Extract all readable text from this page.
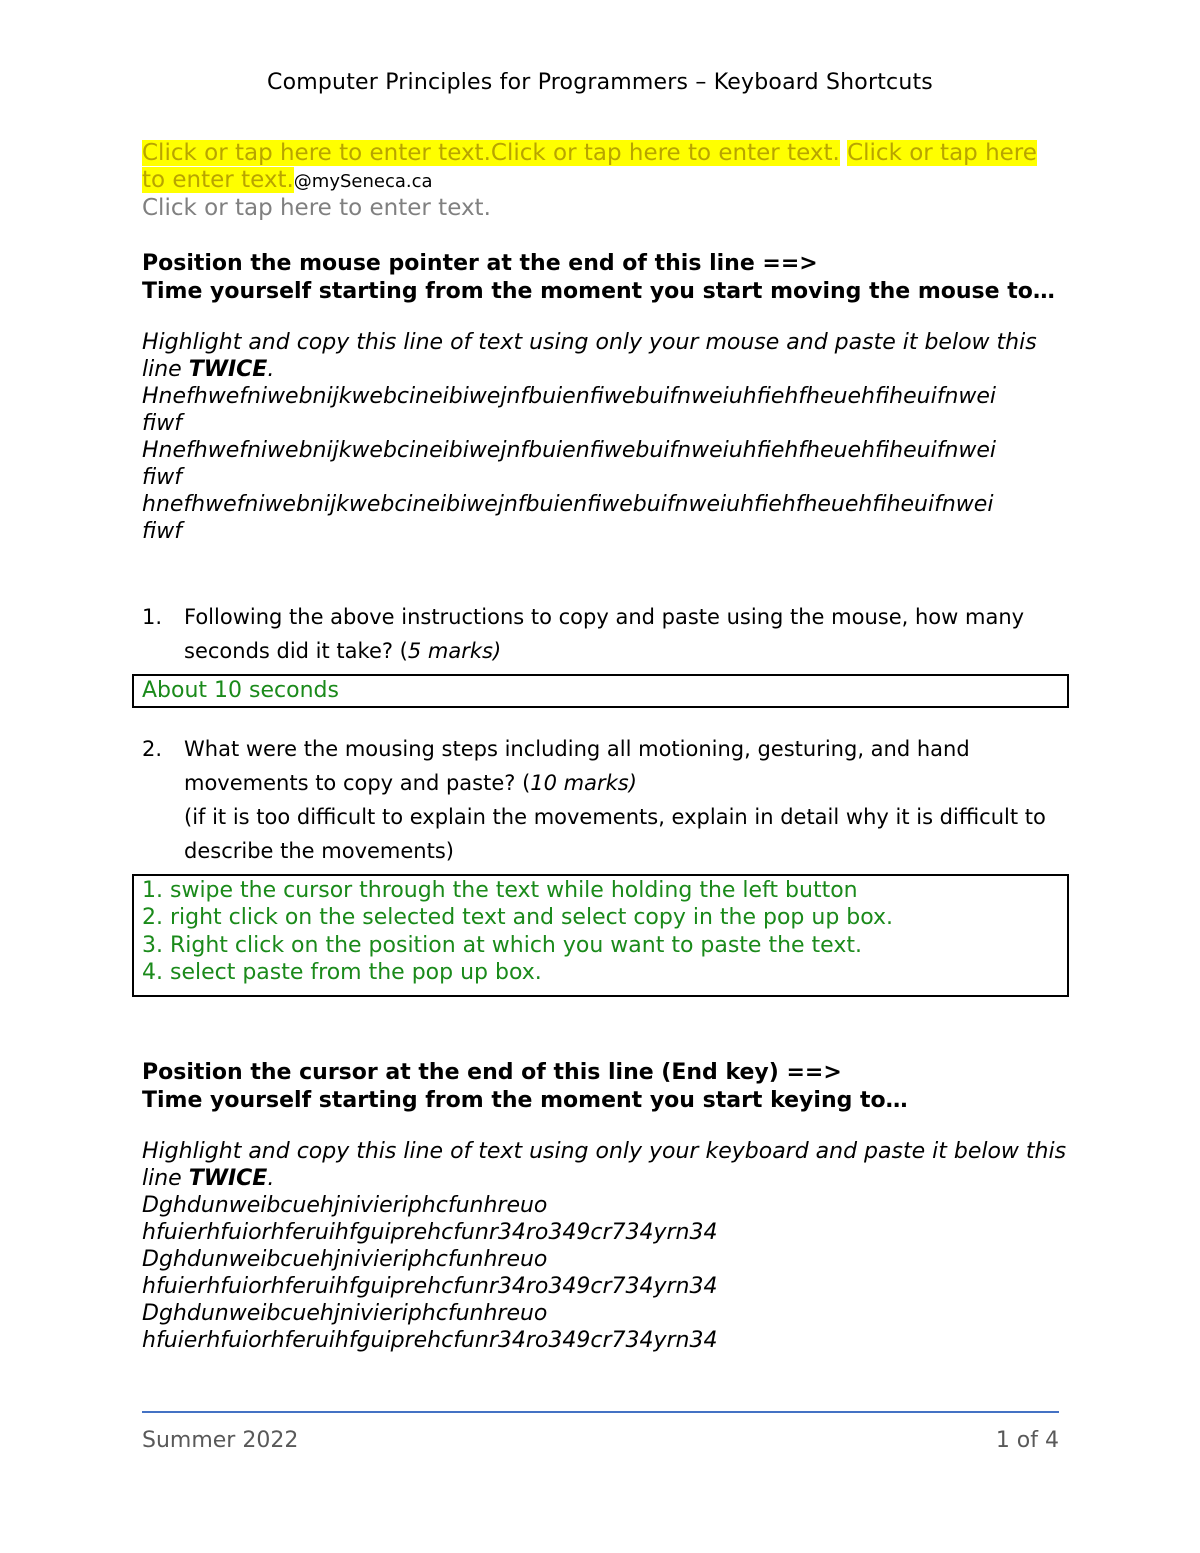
Computer Principles for Programmers – Keyboard Shortcuts
Click or tap here to enter text.Click or tap here to enter text. Click or tap here
to enter text.@mySeneca.ca
Click or tap here to enter text.
Position the mouse pointer at the end of this line ==>
Time yourself starting from the moment you start moving the mouse to…
Highlight and copy this line of text using only your mouse and paste it below this line TWICE.
Hnefhwefniwebnijkwebcineibiwejnfbuienfiwebuifnweiuhfiehfheuehfiheuifnwei
fiwf
Hnefhwefniwebnijkwebcineibiwejnfbuienfiwebuifnweiuhfiehfheuehfiheuifnwei
fiwf
hnefhwefniwebnijkwebcineibiwejnfbuienfiwebuifnweiuhfiehfheuehfiheuifnwei
fiwf
1.	Following the above instructions to copy and paste using the mouse, how many seconds did it take? (5 marks)
About 10 seconds
2.	What were the mousing steps including all motioning, gesturing, and hand movements to copy and paste? (10 marks)
(if it is too difficult to explain the movements, explain in detail why it is difficult to describe the movements)
1. swipe the cursor through the text while holding the left button
2. right click on the selected text and select copy in the pop up box.
3. Right click on the position at which you want to paste the text.
4. select paste from the pop up box.
Position the cursor at the end of this line (End key) ==>
Time yourself starting from the moment you start keying to…
Highlight and copy this line of text using only your keyboard and paste it below this line TWICE.
Dghdunweibcuehjnivieriphcfunhreuo
hfuierhfuiorhferuihfguiprehcfunr34ro349cr734yrn34
Dghdunweibcuehjnivieriphcfunhreuo
hfuierhfuiorhferuihfguiprehcfunr34ro349cr734yrn34
Dghdunweibcuehjnivieriphcfunhreuo
hfuierhfuiorhferuihfguiprehcfunr34ro349cr734yrn34
Summer 2022	1 of 4
